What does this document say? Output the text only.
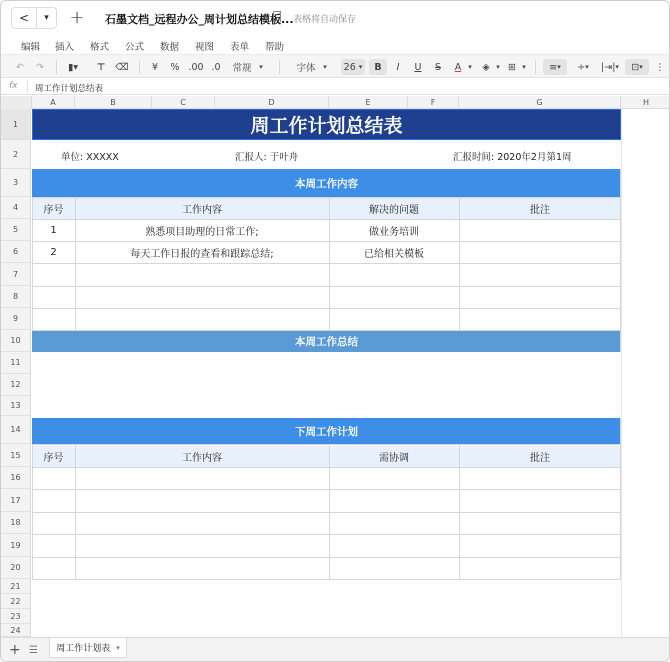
<	▾	+	石墨文档_远程办公_周计划总结模板... 表格将自动保存
编辑 插入 格式 公式 数据 视图 表单 帮助
↶	↷	▮▾	⊤ ⌫	¥	% .00 .0 常规	▾	字体	▾ 26
▾	B	I	U	S	A ▾	◈ ▾ ⊞ ▾	≡ ▾	÷ ▾ |⇥| ▾	⊡ ▾ ⋮
fx 周工作计划总结表
A	B	C	D	E	F	G	H
1
2
3
4
5
6
7
8
9
10
11
12
13
14
15
16
17
18
19
20
21
22
23
24
周工作计划总结表
单位: XXXXX	汇报人: 于叶舟	汇报时间: 2020年2月第1周
本周工作内容
序号	工作内容	解决的问题	批注
1	熟悉项目助理的日常工作;	做业务培训
2	每天工作日报的查看和跟踪总结;	已给相关模板
本周工作总结
下周工作计划
序号	工作内容	需协调	批注
+ ☰ 周工作计划表 ▾
